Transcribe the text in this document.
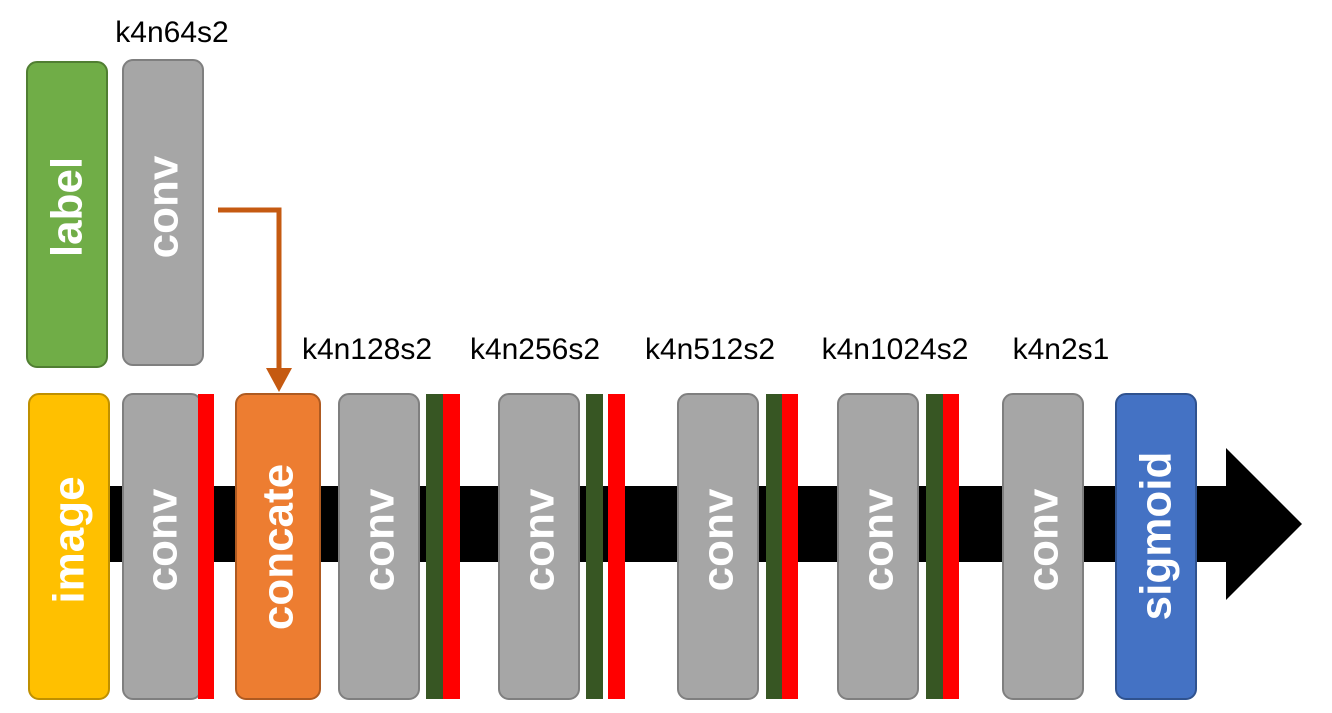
label conv
k4n64s2
image conv concate
k4n128s2
conv
k4n256s2
conv
k4n512s2
conv
k4n1024s2
conv
k4n2s1
conv sigmoid
